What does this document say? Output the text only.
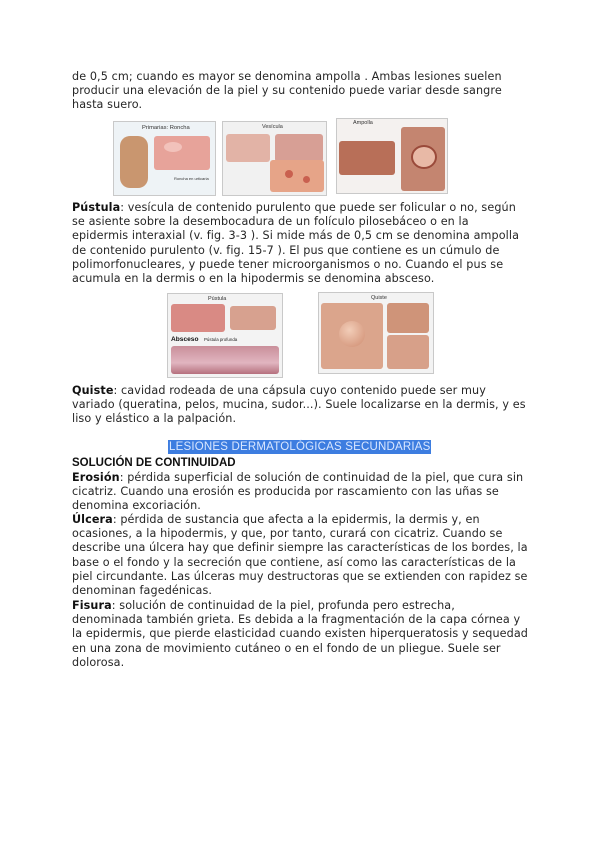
de 0,5 cm; cuando es mayor se denomina ampolla . Ambas lesiones suelen producir una elevación de la piel y su contenido puede variar desde sangre hasta suero.
Primarias: Roncha
Roncha en urticaria
Vesícula
Ampolla
Pústula: vesícula de contenido purulento que puede ser folicular o no, según se asiente sobre la desembocadura de un folículo pilosebáceo o en la epidermis interaxial (v. fig. 3-3 ). Si mide más de 0,5 cm se denomina ampolla de contenido purulento (v. fig. 15-7 ). El pus que contiene es un cúmulo de polimorfonucleares, y puede tener microorganismos o no. Cuando el pus se acumula en la dermis o en la hipodermis se denomina absceso.
Pústula
Absceso Pústula profunda
Quiste
Quiste: cavidad rodeada de una cápsula cuyo contenido puede ser muy variado (queratina, pelos, mucina, sudor...). Suele localizarse en la dermis, y es liso y elástico a la palpación.
LESIONES DERMATOLÓGICAS SECUNDARIAS
SOLUCIÓN DE CONTINUIDAD
Erosión: pérdida superficial de solución de continuidad de la piel, que cura sin cicatriz. Cuando una erosión es producida por rascamiento con las uñas se denomina excoriación.
Úlcera: pérdida de sustancia que afecta a la epidermis, la dermis y, en ocasiones, a la hipodermis, y que, por tanto, curará con cicatriz. Cuando se describe una úlcera hay que definir siempre las características de los bordes, la base o el fondo y la secreción que contiene, así como las características de la piel circundante. Las úlceras muy destructoras que se extienden con rapidez se denominan fagedénicas.
Fisura: solución de continuidad de la piel, profunda pero estrecha, denominada también grieta. Es debida a la fragmentación de la capa córnea y la epidermis, que pierde elasticidad cuando existen hiperqueratosis y sequedad en una zona de movimiento cutáneo o en el fondo de un pliegue. Suele ser dolorosa.
